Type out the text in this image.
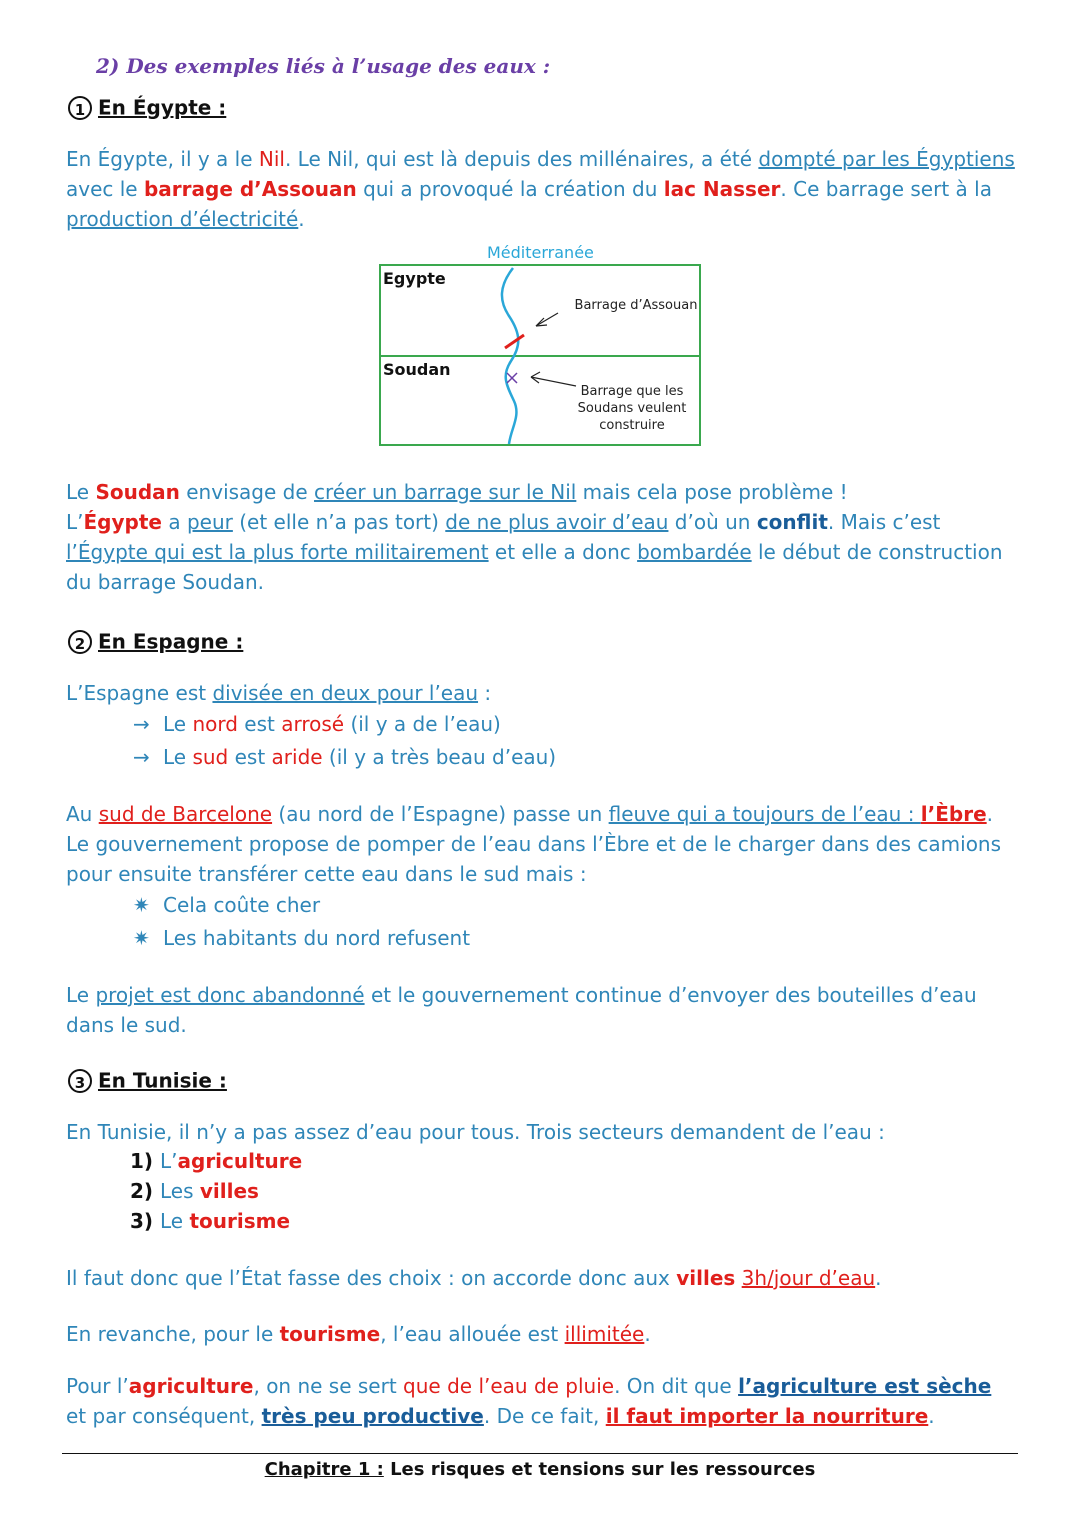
2) Des exemples liés à l’usage des eaux :
1 En Égypte :
En Égypte, il y a le Nil. Le Nil, qui est là depuis des millénaires, a été dompté par les Égyptiens avec le barrage d’Assouan qui a provoqué la création du lac Nasser. Ce barrage sert à la production d’électricité.
Méditerranée
Egypte
Soudan
Barrage d’Assouan
Barrage que les
Soudans veulent
construire
Le Soudan envisage de créer un barrage sur le Nil mais cela pose problème !
L’Égypte a peur (et elle n’a pas tort) de ne plus avoir d’eau d’où un conflit. Mais c’est l’Égypte qui est la plus forte militairement et elle a donc bombardée le début de construction du barrage Soudan.
2 En Espagne :
L’Espagne est divisée en deux pour l’eau :
→ Le nord est arrosé (il y a de l’eau)
→ Le sud est aride (il y a très beau d’eau)
Au sud de Barcelone (au nord de l’Espagne) passe un fleuve qui a toujours de l’eau : l’Èbre. Le gouvernement propose de pomper de l’eau dans l’Èbre et de le charger dans des camions pour ensuite transférer cette eau dans le sud mais :
✷ Cela coûte cher
✷ Les habitants du nord refusent
Le projet est donc abandonné et le gouvernement continue d’envoyer des bouteilles d’eau dans le sud.
3 En Tunisie :
En Tunisie, il n’y a pas assez d’eau pour tous. Trois secteurs demandent de l’eau :
1) L’agriculture
2) Les villes
3) Le tourisme
Il faut donc que l’État fasse des choix : on accorde donc aux villes 3h/jour d’eau.
En revanche, pour le tourisme, l’eau allouée est illimitée.
Pour l’agriculture, on ne se sert que de l’eau de pluie. On dit que l’agriculture est sèche et par conséquent, très peu productive. De ce fait, il faut importer la nourriture.
Chapitre 1 : Les risques et tensions sur les ressources
